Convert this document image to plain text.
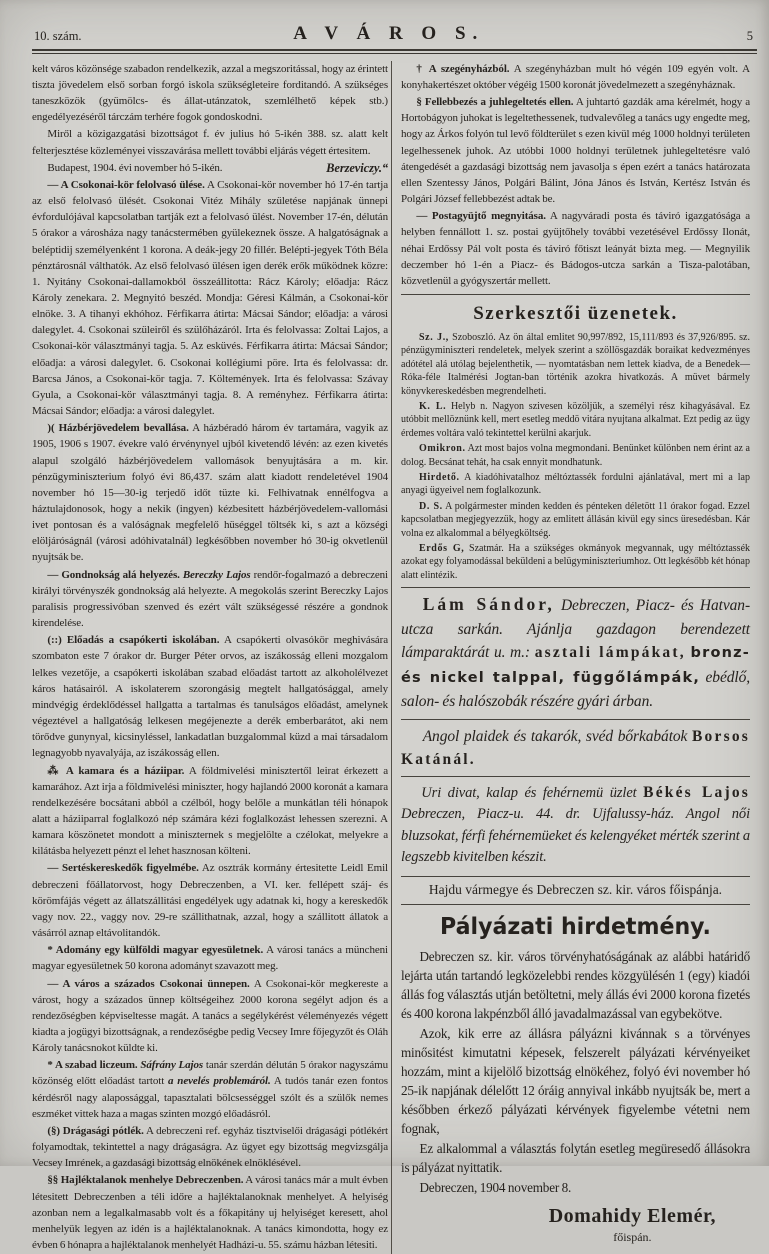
10. szám.	A V Á R O S.	5

kelt város közönsége szabadon rendelkezik, azzal a megszoritással, hogy az érintett tiszta jövedelem első sorban forgó iskola szükségleteire forditandó. A szükséges taneszközök (gyümölcs- és állat-utánzatok, szemlélhető képek stb.) engedélyezéséről tárczám terhére fogok gondoskodni.

Miről a közigazgatási bizottságot f. év julius hó 5-ikén 388. sz. alatt kelt felterjesztése közleményei visszavárása mellett további eljárás végett értesitem.

Budapest, 1904. évi november hó 5-ikén.	Berzeviczy.“

— A Csokonai-kör felolvasó ülése. A Csokonai-kör november hó 17-én tartja az első felolvasó ülését. Csokonai Vitéz Mihály születése napjának ünnepi évfordulójával kapcsolatban tartják ezt a felolvasó ülést. November 17-én, délután 5 órakor a városháza nagy tanácstermében gyülekeznek össze. A halgatóságnak a beléptidij személyenként 1 korona. A deák-jegy 20 fillér. Belépti-jegyek Tóth Béla pénztárosnál válthatók. Az első felolvasó ülésen igen derék erők működnek közre: 1. Nyitány Csokonai-dallamokból összeállitotta: Rácz Károly; előadja: Rácz Károly zenekara. 2. Megnyitó beszéd. Mondja: Géresi Kálmán, a Csokonai-kör elnöke. 3. A tihanyi ekhóhoz. Férfikarra átirta: Mácsai Sándor; előadja: a városi dalegylet. 4. Csokonai szüleiről és szülőházáról. Irta és felolvassa: Zoltai Lajos, a Csokonai-kör választmányi tagja. 5. Az esküvés. Férfikarra átirta: Mácsai Sándor; előadja: a városi dalegylet. 6. Csokonai kollégiumi pöre. Irta és felolvassa: dr. Barcsa János, a Csokonai-kör tagja. 7. Költemények. Irta és felolvassa: Szávay Gyula, a Csokonai-kör választmányi tagja. 8. A reményhez. Férfikarra átirta: Mácsai Sándor; előadja: a városi dalegylet.

)( Házbérjövedelem bevallása. A házbéradó három év tartamára, vagyik az 1905, 1906 s 1907. évekre való érvénynyel ujból kivetendő lévén: az ezen kivetés alapul szolgáló házbérjövedelem vallomások benyujtására a m. kir. pénzügyminiszterium folyó évi 86,437. szám alatt kiadott rendeletével 1904 november hó 15—30-ig terjedő időt tüzte ki. Felhivatnak ennélfogva a háztulajdonosok, hogy a nekik (ingyen) kézbesitett házbérjövedelem-vallomási ivet pontosan és a valóságnak megfelelő hüséggel töltsék ki, s azt a községi elöljáróságnál (városi adóhivatalnál) legkésőbben november hó 30-ig okvetlenül nyujtsák be.

— Gondnokság alá helyezés. Bereczky Lajos rendőr-fogalmazó a debreczeni királyi törvényszék gondnokság alá helyezte. A megokolás szerint Bereczky Lajos paralisis progressivóban szenved és ezért vált szükségessé részére a gondnok kirendelése.

(::) Előadás a csapókerti iskolában. A csapókerti olvasókör meghivására szombaton este 7 órakor dr. Burger Péter orvos, az iszákosság elleni mozgalom lelkes vezetője, a csapókerti iskolában szabad előadást tartott az alkoholélvezet káros hatásairól. A iskolaterem szorongásig megtelt hallgatósággal, amely mindvégig érdeklődéssel hallgatta a tartalmas és tanulságos előadást, amelynek végeztével a hallgatóság lelkesen megéjenezte a derék emberbarátot, aki nem törődve gunynyal, kicsinyléssel, lankadatlan buzgalommal küzd a mai társadalom legnagyobb nyavalyája, az iszákosság ellen.

⁂ A kamara és a háziipar. A földmivelési minisztertől leirat érkezett a kamarához. Azt irja a földmivelési miniszter, hogy hajlandó 2000 koronát a kamara rendelkezésére bocsátani abból a czélból, hogy belőle a munkátlan téli hónapok alatt a háziiparral foglalkozó nép számára kézi foglalkozást lehessen szerezni. A kamara köszönetet mondott a miniszternek s megjelölte a czélokat, melyekre a kilátásba helyezett pénzt el lehet hasznosan költeni.

— Sertéskereskedők figyelmébe. Az osztrák kormány értesitette Leidl Emil debreczeni főállatorvost, hogy Debreczenben, a VI. ker. fellépett száj- és körömfájás végett az állatszállitási engedélyek ugy adatnak ki, hogy a kereskedők vagy nov. 22., vaggy nov. 29-re szállithatnak, azzal, hogy a szállitott állatok a vásárról aznap eltávolitandók.

* Adomány egy külföldi magyar egyesületnek. A városi tanács a müncheni magyar egyesületnek 50 korona adományt szavazott meg.

— A város a százados Csokonai ünnepen. A Csokonai-kör megkereste a várost, hogy a százados ünnep költségeihez 2000 korona segélyt adjon és a rendezőségben képviseltesse magát. A tanács a segélykérést véleményezés végett kiadta a jogügyi bizottságnak, a rendezőségbe pedig Vecsey Imre főjegyzőt és Oláh Károly tanácsnokot küldte ki.

* A szabad liczeum. Sáfrány Lajos tanár szerdán délután 5 órakor nagyszámu közönség előtt előadást tartott a nevelés problemáról. A tudós tanár ezen fontos kérdésről nagy alapossággal, tapasztalati bölcsességgel szólt és a szülők nemes eszméket vittek haza a magas szinten mozgó előadásról.

(§) Drágasági pótlék. A debreczeni ref. egyház tisztviselői drágasági pótlékért folyamodtak, tekintettel a nagy drágaságra. Az ügyet egy bizottság megvizsgálja Vecsey Imrének, a gazdasági bizottság elnökének elnöklésével.

§§ Hajléktalanok menhelye Debreczenben. A városi tanács már a mult évben létesitett Debreczenben a téli időre a hajléktalanoknak menhelyet. A helyiség azonban nem a legalkalmasabb volt és a főkapitány uj helyiséget keresett, ahol menhelyük legyen az idén is a hajléktalanoknak. A tanács kimondotta, hogy ez évben 6 hónapra a hajléktalanok menhelyét Hadházi-u. 55. számu házban létesiti.

† A szegényházból. A szegényházban mult hó végén 109 egyén volt. A konyhakertészet október végéig 1500 koronát jövedelmezett a szegényháznak.

§ Fellebbezés a juhlegeltetés ellen. A juhtartó gazdák ama kérelmét, hogy a Hortobágyon juhokat is legeltethessenek, tudvalevőleg a tanács ugy engedte meg, hogy az Árkos folyón tul levő földterület s ezen kivül még 1000 holdnyi területen legelhessenek juhok. Az utóbbi 1000 holdnyi területnek juhlegeltetésre való átengedését a gazdasági bizottság nem javasolja s épen ezért a tanács határozata ellen Szentessy János, Polgári Bálint, Jóna János és István, Kertész István és Polgári József fellebbezést adtak be.

— Postagyüjtő megnyitása. A nagyváradi posta és táviró igazgatósága a helyben fennállott 1. sz. postai gyüjtőhely további vezetésével Erdőssy Ilonát, néhai Erdőssy Pál volt posta és táviró főtiszt leányát bizta meg. — Megnyilik deczember hó 1-én a Piacz- és Bádogos-utcza sarkán a Tisza-palotában, közvetlenül a gyógyszertár mellett.

Szerkesztői üzenetek.

Sz. J., Szoboszló. Az ön által emlitet 90,997/892, 15,111/893 és 37,926/895. sz. pénzügyminiszteri rendeletek, melyek szerint a szöllösgazdák boraikat kedvezményes adótétel alá utólag bejelenthetik, — nyomtatásban nem lettek kiadva, de a Benedek—Róka-féle Italmérési Jogtan-ban történik azokra hivatkozás. A müvet bármely könyvkereskedésben megrendelheti.

K. L. Helyb n. Nagyon szivesen közöljük, a személyi rész kihagyásával. Ez utóbbit mellöznünk kell, mert esetleg meddö vitára nyujtana alkalmat. Ezt pedig az ügy érdemes voltára való tekintettel kerülni akarjuk.

Omikron. Azt most bajos volna megmondani. Benünket különben nem érint az a dolog. Becsánat tehát, ha csak ennyit mondhatunk.

Hirdető. A kiadóhivatalhoz méltóztassék fordulni ajánlatával, mert mi a lap anyagi ügyeivel nem foglalkozunk.

D. S. A polgármester minden kedden és pénteken déletött 11 órakor fogad. Ezzel kapcsolatban megjegyezzük, hogy az emlitett állásán kivül egy sincs üresedésban. Kár volna ez alkalommal a bélyegköltség.

Erdős G, Szatmár. Ha a szükséges okmányok megvannak, ugy méltóztassék azokat egy folyamodással beküldeni a belügyminiszteriumhoz. Ott legkésőbb két hónap alatt elintézik.

Lám Sándor, Debreczen, Piacz- és Hatvan-utcza sarkán. Ajánlja gazdagon berendezett lámparaktárát u. m.: asztali lámpákat, bronz- és nickel talppal, függőlámpák, ebédlő, salon- és halószobák részére gyári árban.

Angol plaidek és takarók, svéd bőrkabátok Borsos Katánál.

Uri divat, kalap és fehérnemü üzlet Békés Lajos Debreczen, Piacz-u. 44. dr. Ujfalussy-ház. Angol női bluzsokat, férfi fehérnemüeket és kelengyéket mérték szerint a legszebb kivitelben készit.

Hajdu vármegye és Debreczen sz. kir. város főispánja.
Pályázati hirdetmény.

Debreczen sz. kir. város törvényhatóságának az alábbi határidő lejárta után tartandó legközelebbi rendes közgyülésén 1 (egy) kiadói állás fog választás utján betöltetni, mely állás évi 2000 korona fizetés és 400 korona lakpénzből álló javadalmazással van egybekötve.

Azok, kik erre az állásra pályázni kivánnak s a törvényes minősitést kimutatni képesek, felszerelt pályázati kérvényeiket hozzám, mint a kijelölő bizottság elnökéhez, folyó évi november hó 25-ik napjának délelőtt 12 óráig annyival inkább nyujtsák be, mert a későbben érkező pályázati kérvények figyelembe vétetni nem fognak,

Ez alkalommal a választás folytán esetleg megüresedő állásokra is pályázat nyittatik.

Debreczen, 1904 november 8.

Domahidy Elemér,
főispán.
